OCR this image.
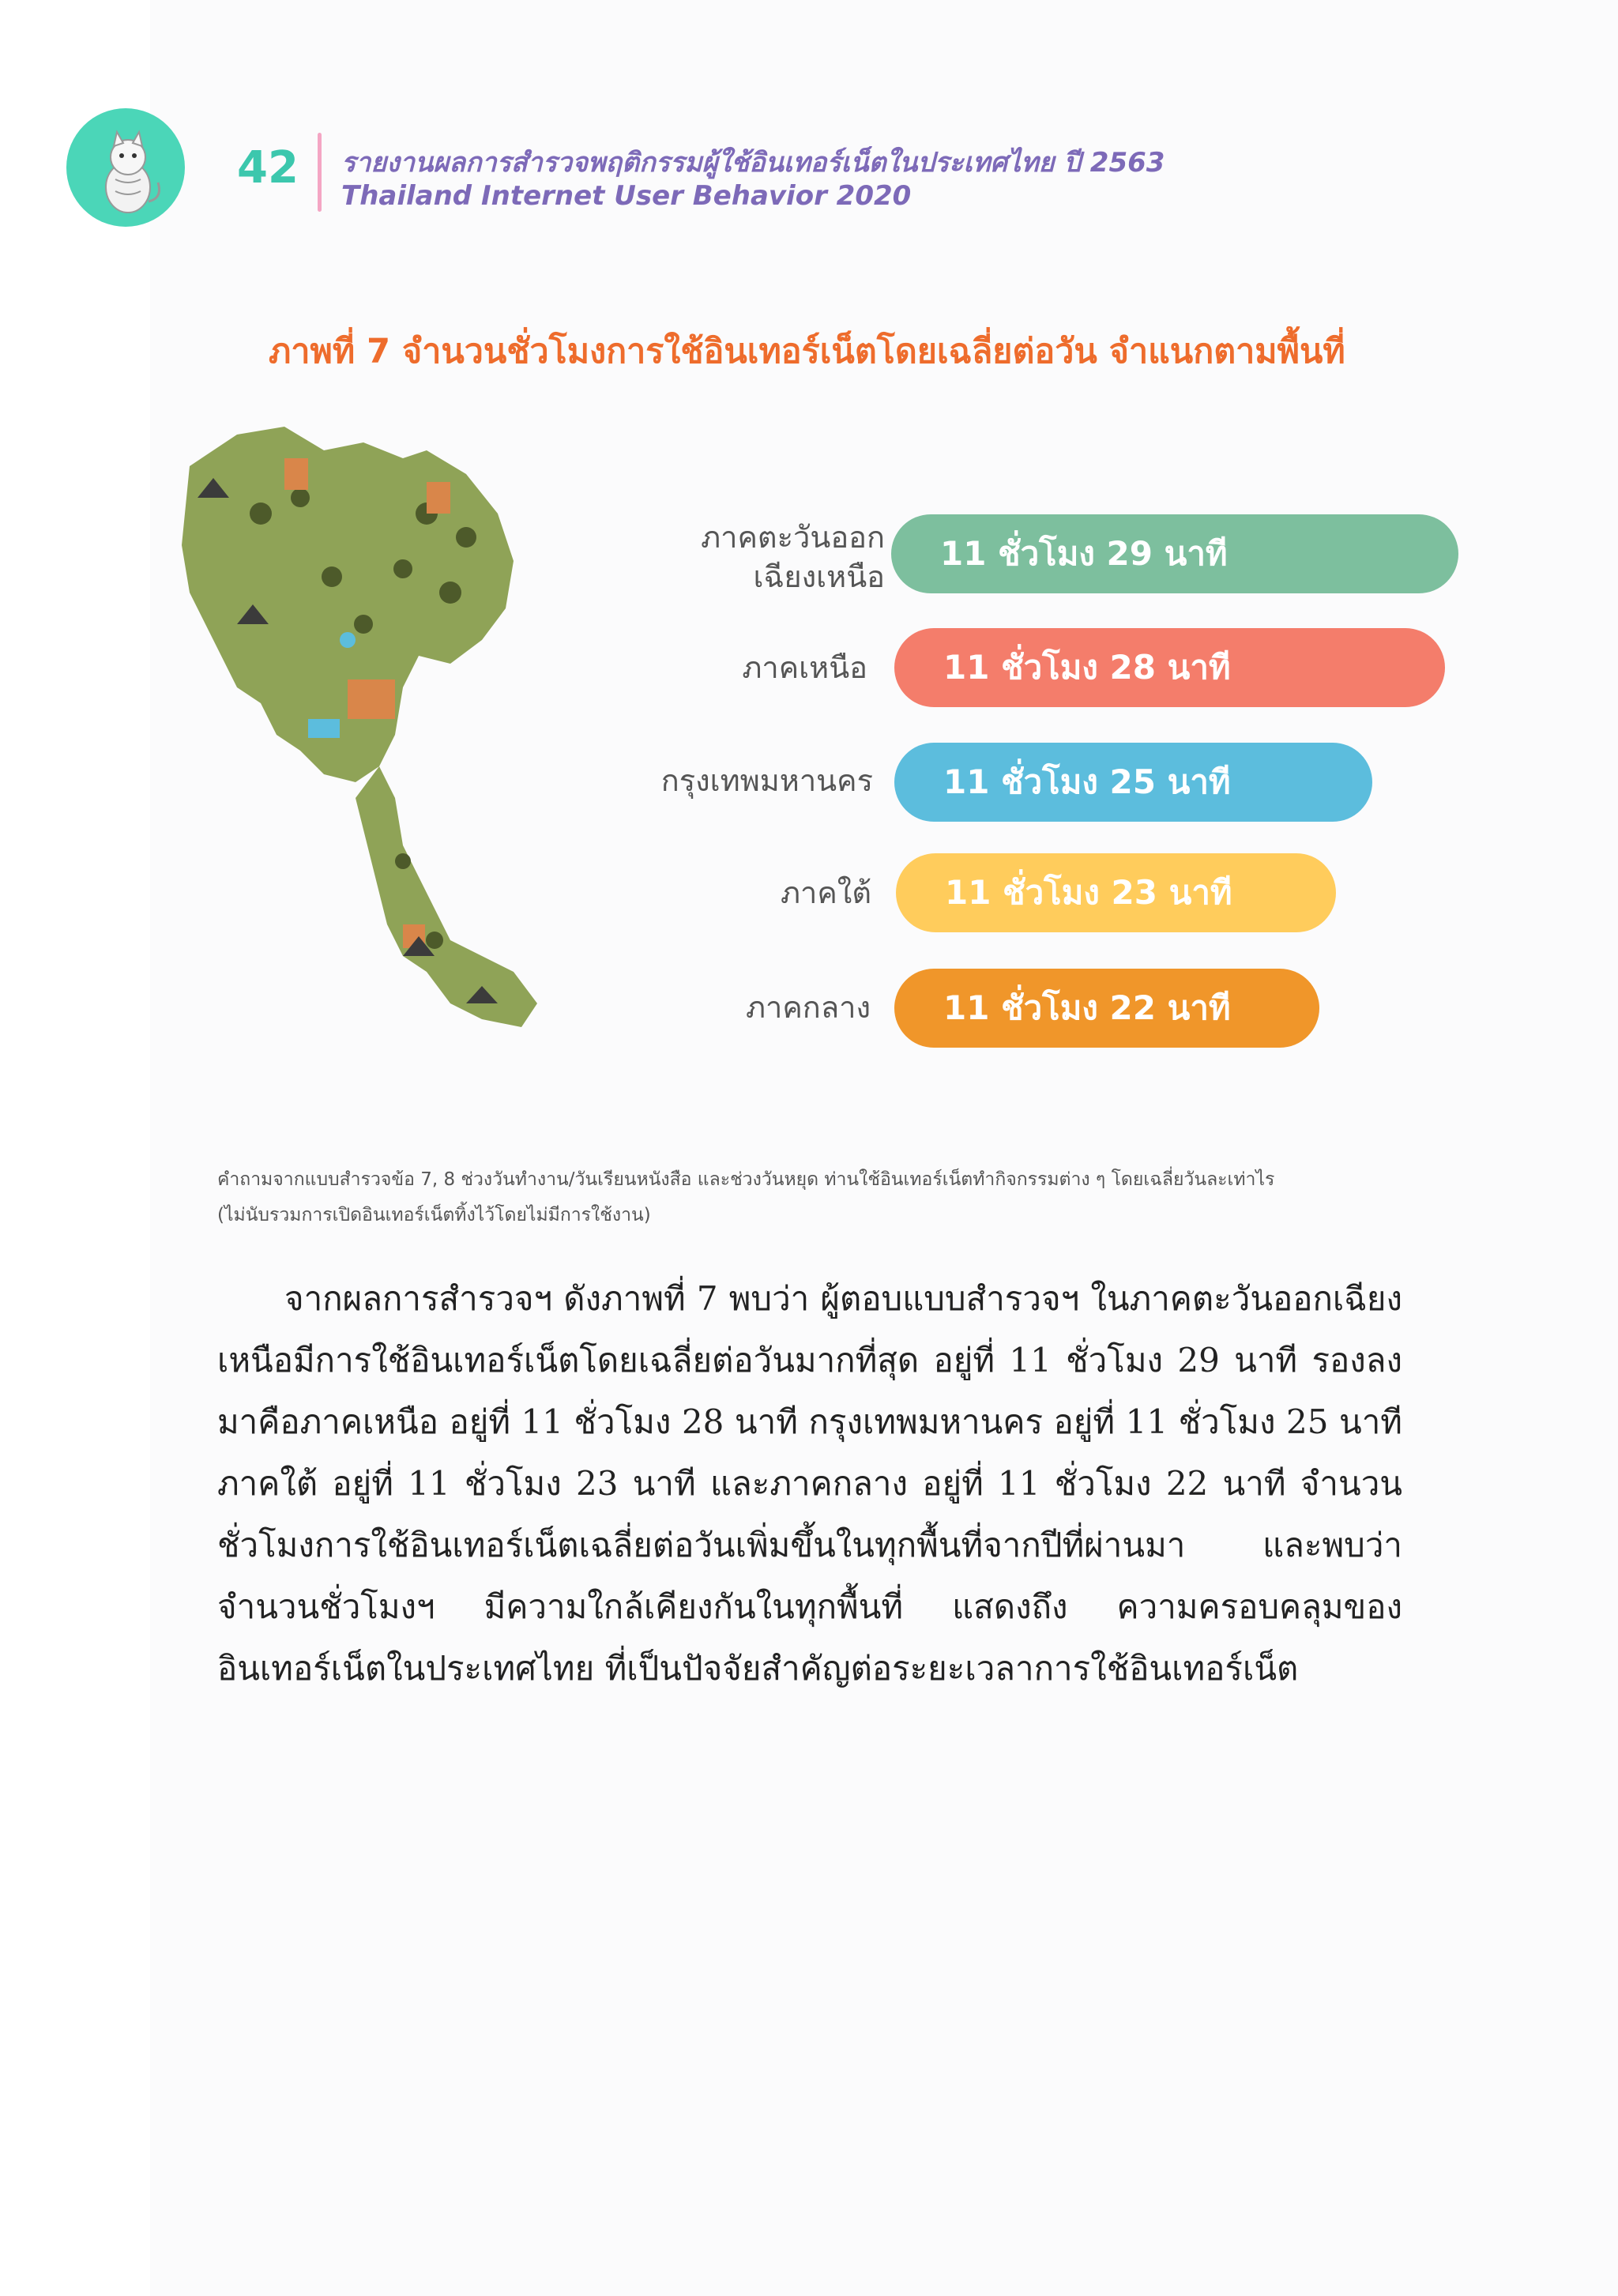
42 รายงานผลการสำรวจพฤติกรรมผู้ใช้อินเทอร์เน็ตในประเทศไทย ปี 2563
Thailand Internet User Behavior 2020
ภาพที่ 7 จำนวนชั่วโมงการใช้อินเทอร์เน็ตโดยเฉลี่ยต่อวัน จำแนกตามพื้นที่
ภาคตะวันออก
เฉียงเหนือ
ภาคเหนือ
กรุงเทพมหานคร
ภาคใต้
ภาคกลาง
11 ชั่วโมง 29 นาที
11 ชั่วโมง 28 นาที
11 ชั่วโมง 25 นาที
11 ชั่วโมง 23 นาที
11 ชั่วโมง 22 นาที
คำถามจากแบบสำรวจข้อ 7, 8 ช่วงวันทำงาน/วันเรียนหนังสือ และช่วงวันหยุด ท่านใช้อินเทอร์เน็ตทำกิจกรรมต่าง ๆ โดยเฉลี่ยวันละเท่าไร
(ไม่นับรวมการเปิดอินเทอร์เน็ตทิ้งไว้โดยไม่มีการใช้งาน)

จากผลการสำรวจฯ ดังภาพที่ 7 พบว่า ผู้ตอบแบบสำรวจฯ ในภาคตะวันออกเฉียงเหนือมีการใช้อินเทอร์เน็ตโดยเฉลี่ยต่อวันมากที่สุด อยู่ที่ 11 ชั่วโมง 29 นาที รองลงมาคือภาคเหนือ อยู่ที่ 11 ชั่วโมง 28 นาที กรุงเทพมหานคร อยู่ที่ 11 ชั่วโมง 25 นาที ภาคใต้ อยู่ที่ 11 ชั่วโมง 23 นาที และภาคกลาง อยู่ที่ 11 ชั่วโมง 22 นาที จำนวนชั่วโมงการใช้อินเทอร์เน็ตเฉลี่ยต่อวันเพิ่มขึ้นในทุกพื้นที่จากปีที่ผ่านมา และพบว่า จำนวนชั่วโมงฯ มีความใกล้เคียงกันในทุกพื้นที่ แสดงถึง ความครอบคลุมของอินเทอร์เน็ตในประเทศไทย ที่เป็นปัจจัยสำคัญต่อระยะเวลาการใช้อินเทอร์เน็ต
